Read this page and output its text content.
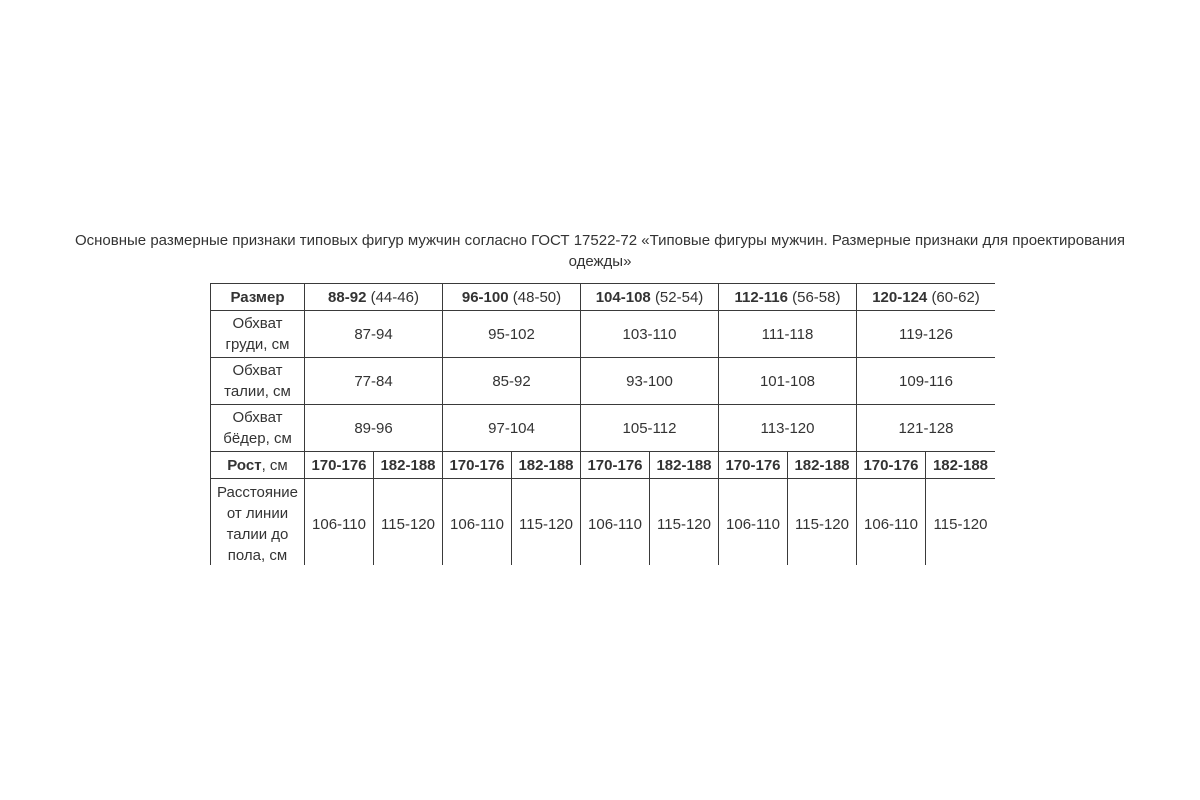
Основные размерные признаки типовых фигур мужчин согласно ГОСТ 17522-72 «Типовые фигуры мужчин. Размерные признаки для проектирования одежды»
Размер	88-92 (44-46)		96-100 (48-50)		104-108 (52-54)		112-116 (56-58)		120-124 (60-62)	
Обхват
груди, см	87-94		95-102		103-110		111-118		119-126	
Обхват
талии, см	77-84		85-92		93-100		101-108		109-116	
Обхват
бёдер, см	89-96		97-104		105-112		113-120		121-128	
Рост, см	170-176	182-188	170-176	182-188	170-176	182-188	170-176	182-188	170-176	182-188
Расстояние
от линии
талии до
пола, см	106-110	115-120	106-110	115-120	106-110	115-120	106-110	115-120	106-110	115-120
